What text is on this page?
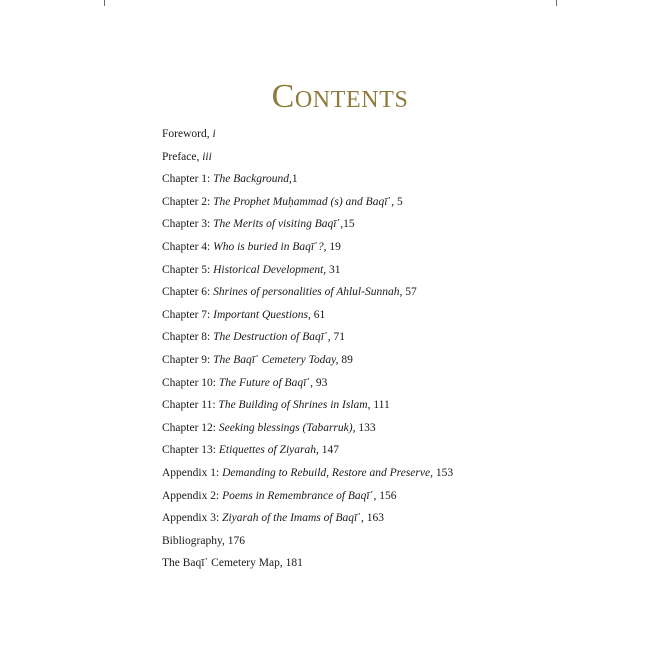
Contents
Foreword, i
Preface, iii
Chapter 1: The Background,1
Chapter 2: The Prophet Muḥammad (s) and Baqī῾, 5
Chapter 3: The Merits of visiting Baqī῾,15
Chapter 4: Who is buried in Baqī῾?, 19
Chapter 5: Historical Development, 31
Chapter 6: Shrines of personalities of Ahlul-Sunnah, 57
Chapter 7: Important Questions, 61
Chapter 8: The Destruction of Baqī῾, 71
Chapter 9: The Baqī῾ Cemetery Today, 89
Chapter 10: The Future of Baqī῾, 93
Chapter 11: The Building of Shrines in Islam, 111
Chapter 12: Seeking blessings (Tabarruk), 133
Chapter 13: Etiquettes of Ziyarah, 147
Appendix 1: Demanding to Rebuild, Restore and Preserve, 153
Appendix 2: Poems in Remembrance of Baqī῾, 156
Appendix 3: Ziyarah of the Imams of Baqī῾, 163
Bibliography, 176
The Baqī῾ Cemetery Map, 181
